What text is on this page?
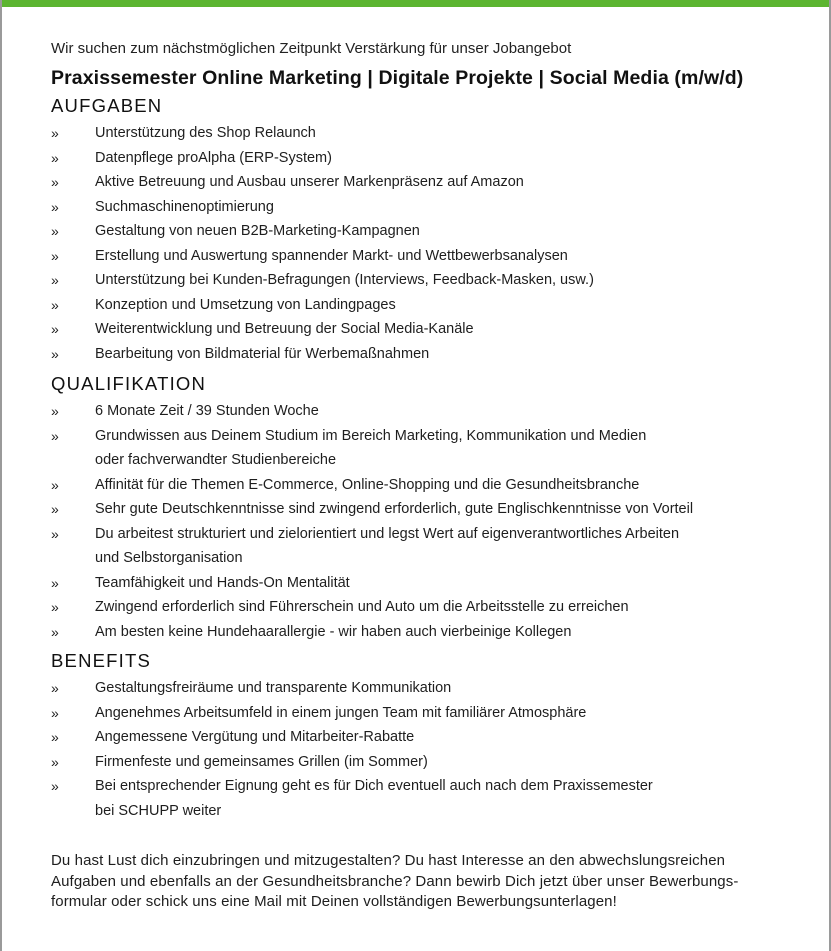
Wir suchen zum nächstmöglichen Zeitpunkt Verstärkung für unser Jobangebot

Praxissemester Online Marketing | Digitale Projekte | Social Media (m/w/d)
AUFGABEN
»	Unterstützung des Shop Relaunch
»	Datenpflege proAlpha (ERP-System)
»	Aktive Betreuung und Ausbau unserer Markenpräsenz auf Amazon
»	Suchmaschinenoptimierung
»	Gestaltung von neuen B2B-Marketing-Kampagnen
»	Erstellung und Auswertung spannender Markt- und Wettbewerbsanalysen
»	Unterstützung bei Kunden-Befragungen (Interviews, Feedback-Masken, usw.)
»	Konzeption und Umsetzung von Landingpages
»	Weiterentwicklung und Betreuung der Social Media-Kanäle
»	Bearbeitung von Bildmaterial für Werbemaßnahmen
QUALIFIKATION
»	6 Monate Zeit / 39 Stunden Woche
»	Grundwissen aus Deinem Studium im Bereich Marketing, Kommunikation und Medien
oder fachverwandter Studienbereiche
»	Affinität für die Themen E-Commerce, Online-Shopping und die Gesundheitsbranche
»	Sehr gute Deutschkenntnisse sind zwingend erforderlich, gute Englischkenntnisse von Vorteil
»	Du arbeitest strukturiert und zielorientiert und legst Wert auf eigenverantwortliches Arbeiten
und Selbstorganisation
»	Teamfähigkeit und Hands-On Mentalität
»	Zwingend erforderlich sind Führerschein und Auto um die Arbeitsstelle zu erreichen
»	Am besten keine Hundehaarallergie - wir haben auch vierbeinige Kollegen
BENEFITS
»	Gestaltungsfreiräume und transparente Kommunikation
»	Angenehmes Arbeitsumfeld in einem jungen Team mit familiärer Atmosphäre
»	Angemessene Vergütung und Mitarbeiter-Rabatte
»	Firmenfeste und gemeinsames Grillen (im Sommer)
»	Bei entsprechender Eignung geht es für Dich eventuell auch nach dem Praxissemester
bei SCHUPP weiter
Du hast Lust dich einzubringen und mitzugestalten? Du hast Interesse an den abwechslungsreichen
Aufgaben und ebenfalls an der Gesundheitsbranche? Dann bewirb Dich jetzt über unser Bewerbungs-
formular oder schick uns eine Mail mit Deinen vollständigen Bewerbungsunterlagen!
